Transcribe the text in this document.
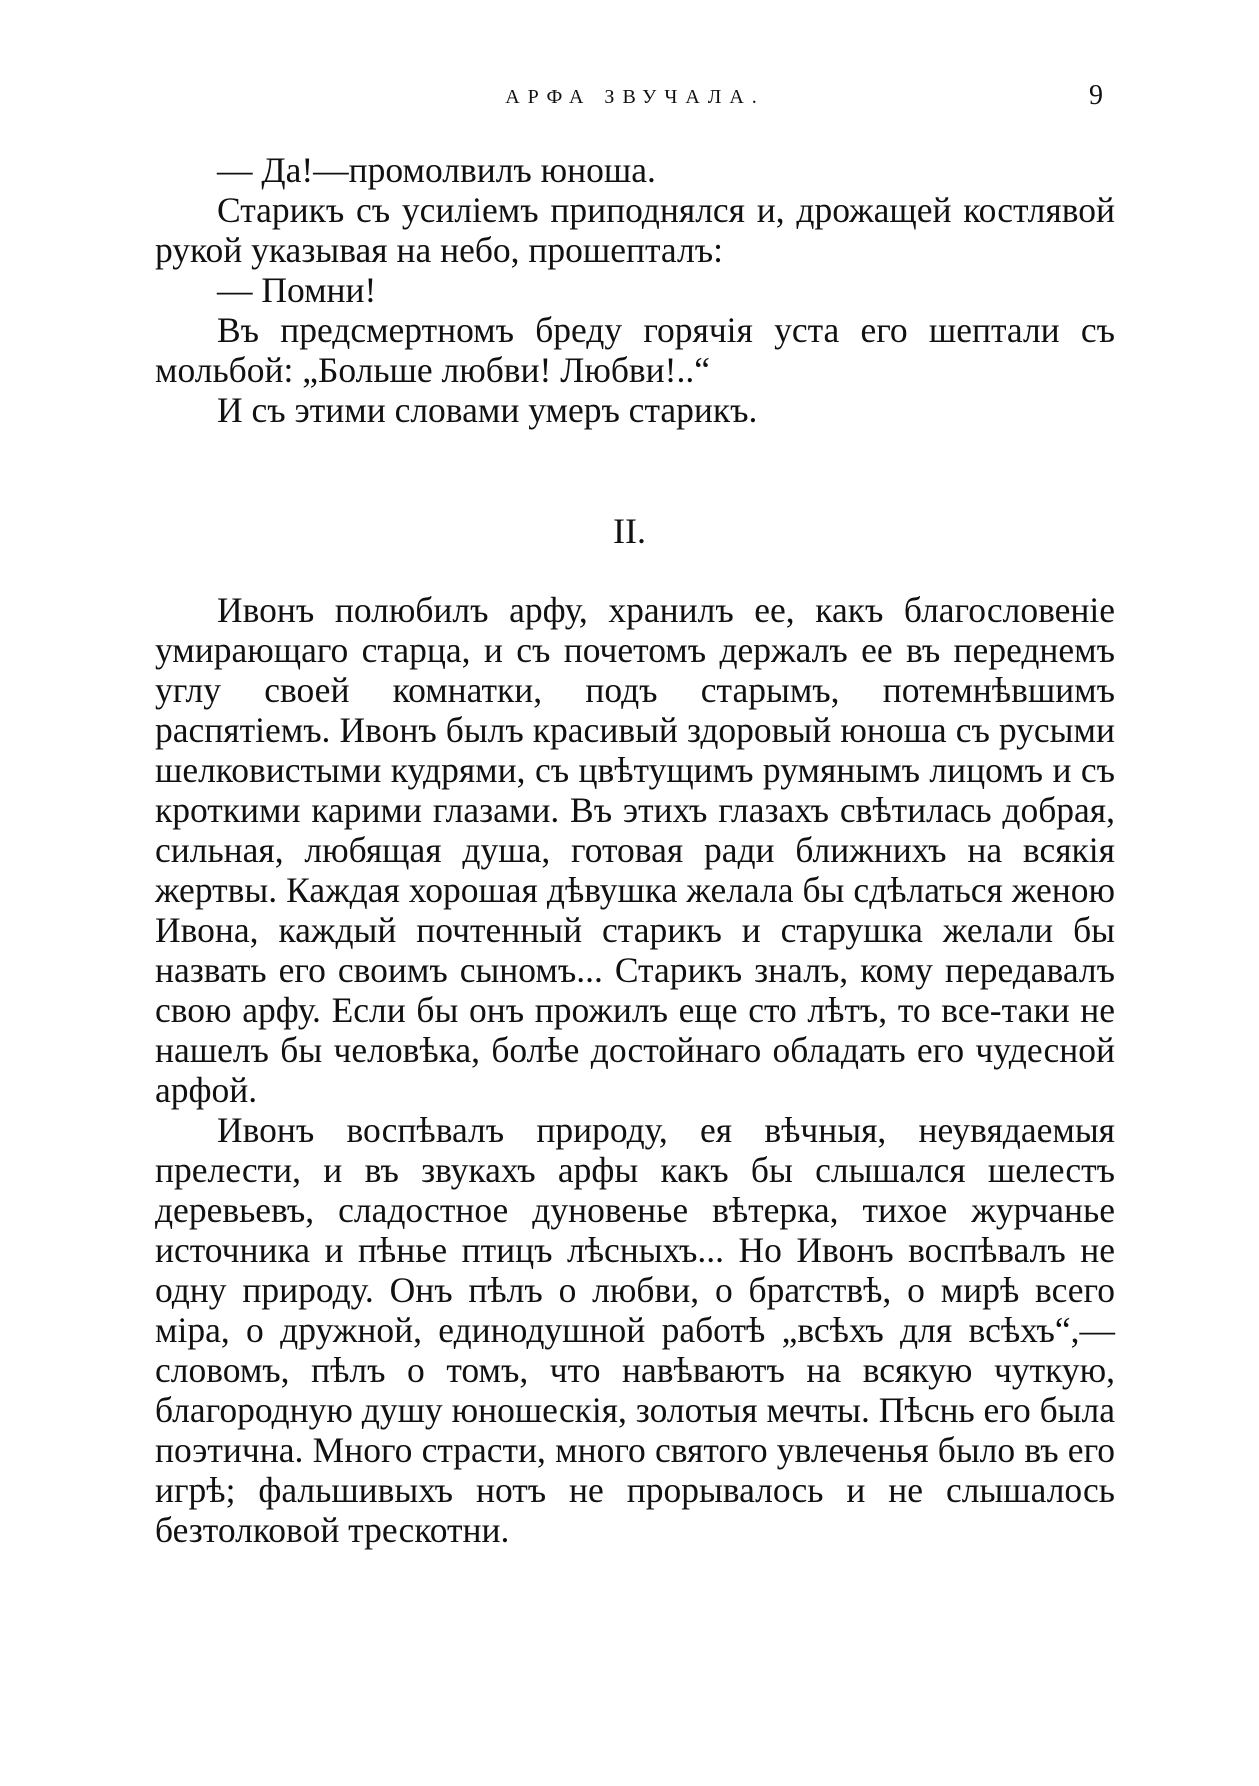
АРФА ЗВУЧАЛА.	9

— Да!—промолвилъ юноша.

Старикъ съ усиліемъ приподнялся и, дрожащей костлявой рукой указывая на небо, прошепталъ:

— Помни!

Въ предсмертномъ бреду горячія уста его шептали съ мольбой: „Больше любви! Любви!..“

И съ этими словами умеръ старикъ.

II.

Ивонъ полюбилъ арфу, хранилъ ее, какъ благословеніе умирающаго старца, и съ почетомъ держалъ ее въ переднемъ углу своей комнатки, подъ старымъ, потемнѣвшимъ распятіемъ. Ивонъ былъ красивый здоровый юноша съ русыми шелковистыми кудрями, съ цвѣтущимъ румянымъ лицомъ и съ кроткими карими глазами. Въ этихъ глазахъ свѣтилась добрая, сильная, любящая душа, готовая ради ближнихъ на всякія жертвы. Каждая хорошая дѣвушка желала бы сдѣлаться женою Ивона, каждый почтенный старикъ и старушка желали бы назвать его своимъ сыномъ... Старикъ зналъ, кому передавалъ свою арфу. Если бы онъ прожилъ еще сто лѣтъ, то все-таки не нашелъ бы человѣка, болѣе достойнаго обладать его чудесной арфой.

Ивонъ воспѣвалъ природу, ея вѣчныя, неувядаемыя прелести, и въ звукахъ арфы какъ бы слышался шелестъ деревьевъ, сладостное дуновенье вѣтерка, тихое журчанье источника и пѣнье птицъ лѣсныхъ... Но Ивонъ воспѣвалъ не одну природу. Онъ пѣлъ о любви, о братствѣ, о мирѣ всего міра, о дружной, единодушной работѣ „всѣхъ для всѣхъ“,—словомъ, пѣлъ о томъ, что навѣваютъ на всякую чуткую, благородную душу юношескія, золотыя мечты. Пѣснь его была поэтична. Много страсти, много святого увлеченья было въ его игрѣ; фальшивыхъ нотъ не прорывалось и не слышалось безтолковой трескотни.
